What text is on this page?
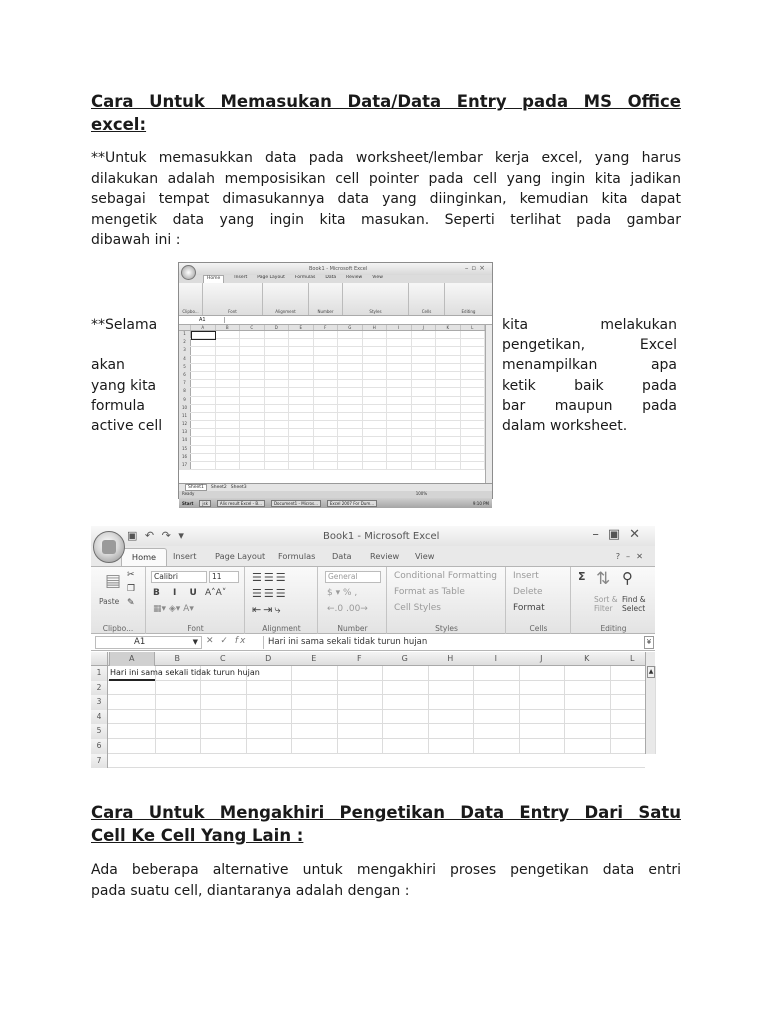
Cara Untuk Memasukan Data/Data Entry pada MS Office
excel:
**Untuk memasukkan data pada worksheet/lembar kerja excel, yang harus
dilakukan adalah memposisikan cell pointer pada cell yang ingin kita jadikan
sebagai tempat dimasukannya data yang diinginkan, kemudian kita dapat
mengetik data yang ingin kita masukan. Seperti terlihat pada gambar
dibawah ini :
**Selama
akan
yang kita
formula
active cell
kita melakukan
pengetikan, Excel
menampilkan apa
ketik baik pada
bar maupun pada
dalam worksheet.
Book1 - Microsoft Excel	–▫×
Home	Insert Page Layout Formulas Data Review View
Clipbo...	Font	Alignment	Number	Styles	Cells	Editing
A1
A	B	C	D	E	F	G	H	I	J	K	L
1
2
3
4
5
6
7
8
9
10
11
12
13
14
15
16
17
Sheet1	Sheet2 Sheet3
Ready	100%
Start	jsk	Alis result Excel - B...	Document1 - Micros...	Excel 2007 For Dum...	9:10 PM
▣ ↶ ↷ ▾	Book1 - Microsoft Excel	–▣✕
Home	Insert Page Layout Formulas Data Review View	?–✕
▤
Paste
✂
❐
✎
Clipbo...
Calibri	11
B I U A˄A˅
▦▾ ◈▾ A▾
Font
☰☰☰
☰☰☰
⇤⇥⤷
Alignment
General
$ ▾ % ,
←.0 .00→
Number
Conditional Formatting
Format as Table
Cell Styles
Styles
Insert
Delete
Format
Cells
Σ ⇅ ⚲
Sort & Filter
Find & Select
Editing
A1	▼ ✕ ✓ fx	Hari ini sama sekali tidak turun hujan	¥
A	B	C	D	E	F	G	H	I	J	K	L
1	Hari ini sama sekali tidak turun hujan
2
3
4
5
6
7
▲
Cara Untuk Mengakhiri Pengetikan Data Entry Dari Satu
Cell Ke Cell Yang Lain :
Ada beberapa alternative untuk mengakhiri proses pengetikan data entri
pada suatu cell, diantaranya adalah dengan :
